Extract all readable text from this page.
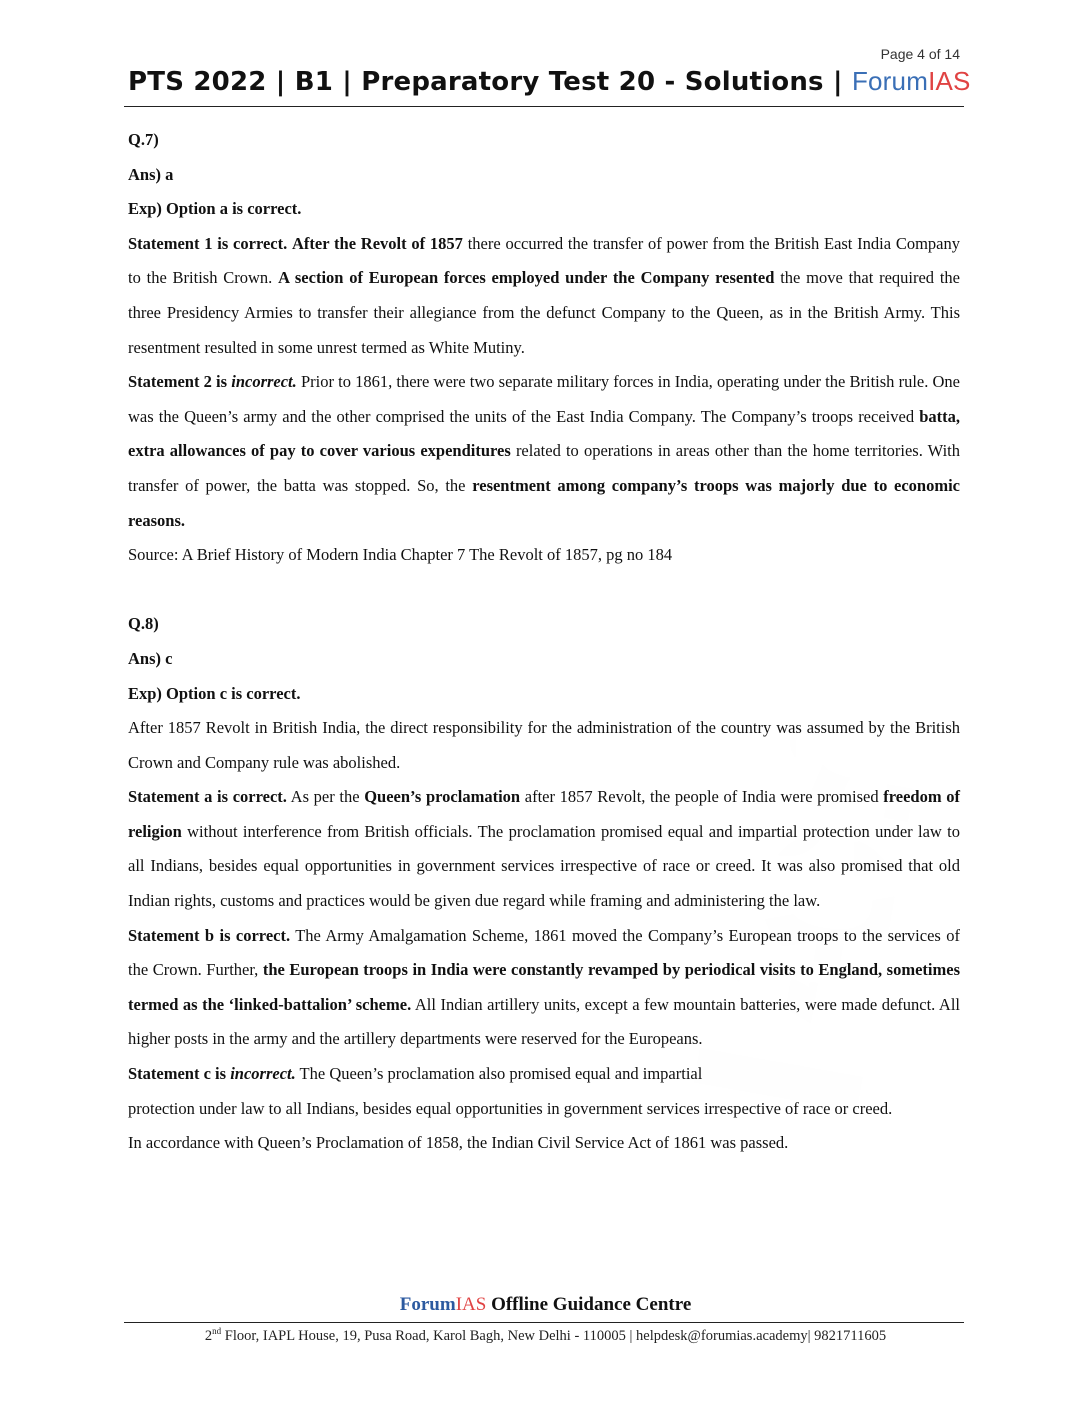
Page 4 of 14
PTS 2022 | B1 | Preparatory Test 20 - Solutions | ForumIAS

Q.7)

Ans) a

Exp) Option a is correct.

Statement 1 is correct. After the Revolt of 1857 there occurred the transfer of power from the British East India Company to the British Crown. A section of European forces employed under the Company resented the move that required the three Presidency Armies to transfer their allegiance from the defunct Company to the Queen, as in the British Army. This resentment resulted in some unrest termed as White Mutiny.

Statement 2 is incorrect. Prior to 1861, there were two separate military forces in India, operating under the British rule. One was the Queen’s army and the other comprised the units of the East India Company. The Company’s troops received batta, extra allowances of pay to cover various expenditures related to operations in areas other than the home territories. With transfer of power, the batta was stopped. So, the resentment among company’s troops was majorly due to economic reasons.

Source: A Brief History of Modern India Chapter 7 The Revolt of 1857, pg no 184

Q.8)

Ans) c

Exp) Option c is correct.

After 1857 Revolt in British India, the direct responsibility for the administration of the country was assumed by the British Crown and Company rule was abolished.

Statement a is correct. As per the Queen’s proclamation after 1857 Revolt, the people of India were promised freedom of religion without interference from British officials. The proclamation promised equal and impartial protection under law to all Indians, besides equal opportunities in government services irrespective of race or creed. It was also promised that old Indian rights, customs and practices would be given due regard while framing and administering the law.

Statement b is correct. The Army Amalgamation Scheme, 1861 moved the Company’s European troops to the services of the Crown. Further, the European troops in India were constantly revamped by periodical visits to England, sometimes termed as the ‘linked-battalion’ scheme. All Indian artillery units, except a few mountain batteries, were made defunct. All higher posts in the army and the artillery departments were reserved for the Europeans.

Statement c is incorrect. The Queen’s proclamation also promised equal and impartial

protection under law to all Indians, besides equal opportunities in government services irrespective of race or creed.

In accordance with Queen’s Proclamation of 1858, the Indian Civil Service Act of 1861 was passed.

ForumIAS Offline Guidance Centre
2nd Floor, IAPL House, 19, Pusa Road, Karol Bagh, New Delhi - 110005 | helpdesk@forumias.academy| 9821711605
